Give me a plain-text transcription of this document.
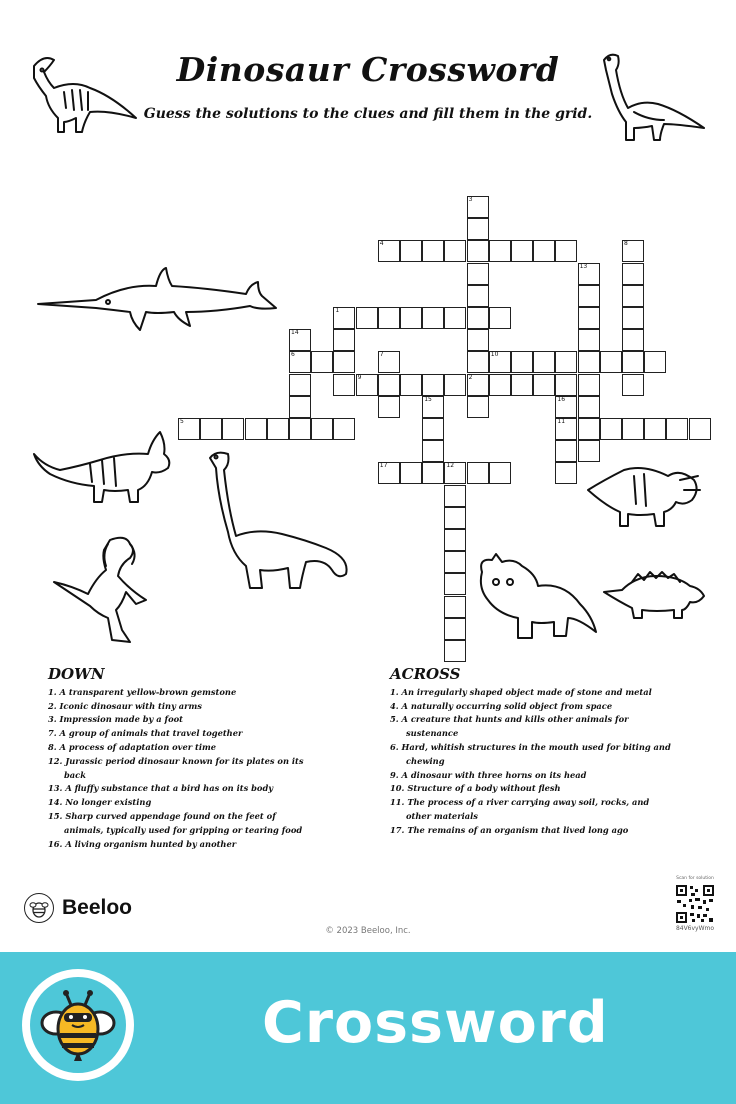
Dinosaur Crossword

Guess the solutions to the clues and fill them in the grid.

3
2
4	8
13
1
14
6	7	10
9
15	16
11
5
17	12
DOWN
1. A transparent yellow-brown gemstone
2. Iconic dinosaur with tiny arms
3. Impression made by a foot
7. A group of animals that travel together
8. A process of adaptation over time
12. Jurassic period dinosaur known for its plates on its back
13. A fluffy substance that a bird has on its body
14. No longer existing
15. Sharp curved appendage found on the feet of animals, typically used for gripping or tearing food
16. A living organism hunted by another
ACROSS
1. An irregularly shaped object made of stone and metal
4. A naturally occurring solid object from space
5. A creature that hunts and kills other animals for sustenance
6. Hard, whitish structures in the mouth used for biting and chewing
9. A dinosaur with three horns on its head
10. Structure of a body without flesh
11. The process of a river carrying away soil, rocks, and other materials
17. The remains of an organism that lived long ago
Beeloo
© 2023 Beeloo, Inc.
Scan for solution
84V6vyWmo
Crossword
